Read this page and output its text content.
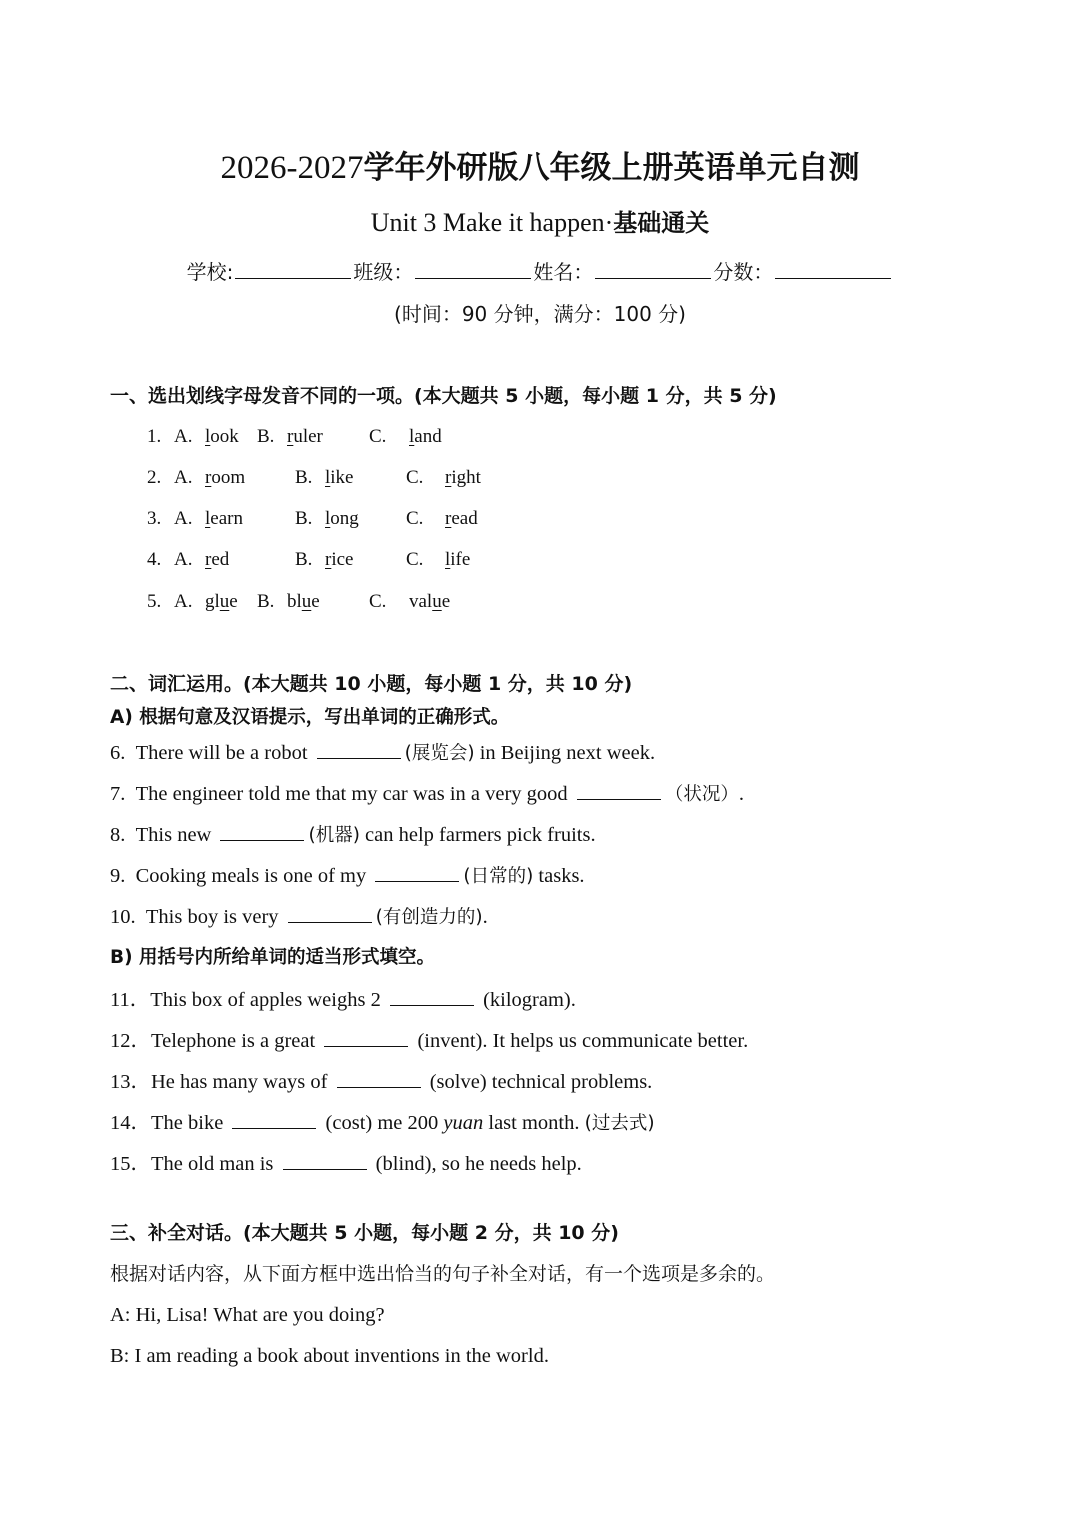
2026-2027学年外研版八年级上册英语单元自测
Unit 3 Make it happen·基础通关
学校:	班级：	姓名：	分数：
(时间：90 分钟，满分：100 分)
一、选出划线字母发音不同的一项。(本大题共 5 小题，每小题 1 分，共 5 分)
1. A. look B. ruler C. land
2. A. room	B. like	C. right
3. A. learn	B. long C. read
4. A. red	B. rice	C. life
5. A. glue B. blue	C. value
二、词汇运用。(本大题共 10 小题，每小题 1 分，共 10 分)
A) 根据句意及汉语提示，写出单词的正确形式。
6.  There will be a robot	(展览会) in Beijing next week.
7.  The engineer told me that my car was in a very good	（状况）.
8.  This new	(机器) can help farmers pick fruits.
9.  Cooking meals is one of my	(日常的) tasks.
10.  This boy is very	(有创造力的).
B) 用括号内所给单词的适当形式填空。
11．This box of apples weighs 2	(kilogram).
12．Telephone is a great	(invent). It helps us communicate better.
13．He has many ways of	(solve) technical problems.
14．The bike	(cost) me 200 yuan last month. (过去式)
15．The old man is	(blind), so he needs help.
三、补全对话。(本大题共 5 小题，每小题 2 分，共 10 分)
根据对话内容，从下面方框中选出恰当的句子补全对话，有一个选项是多余的。
A: Hi, Lisa! What are you doing?
B: I am reading a book about inventions in the world.
